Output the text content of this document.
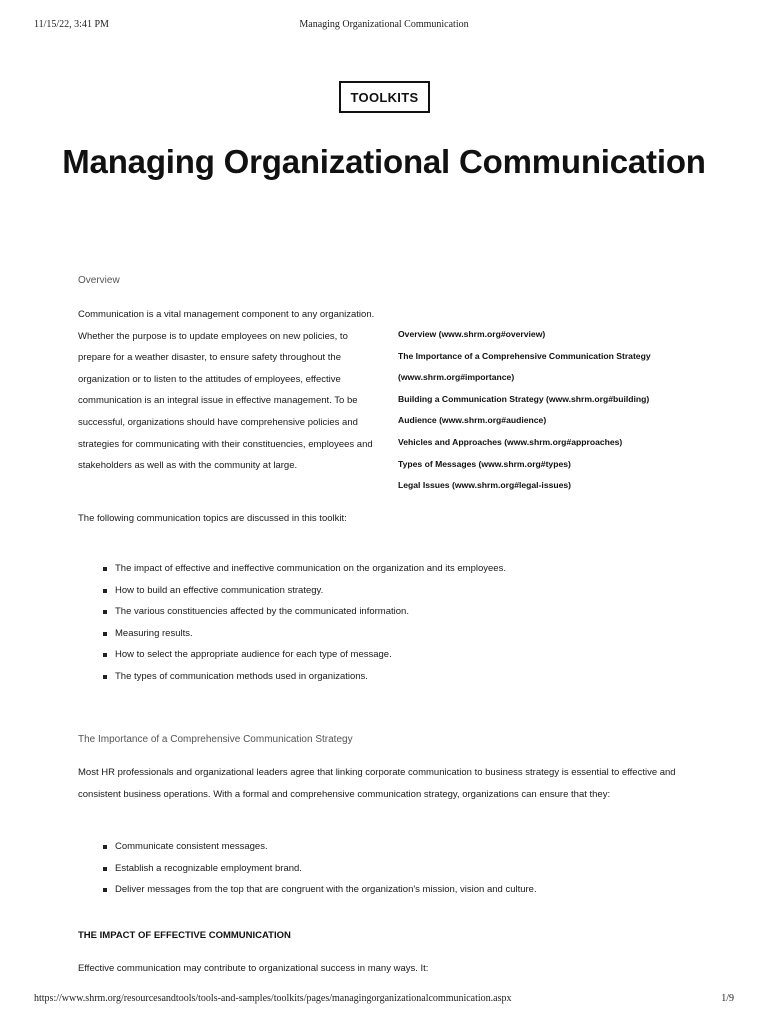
11/15/22, 3:41 PM	Managing Organizational Communication
TOOLKITS
Managing Organizational Communication

Overview

Communication is a vital management component to any organization. Whether the purpose is to update employees on new policies, to prepare for a weather disaster, to ensure safety throughout the organization or to listen to the attitudes of employees, effective communication is an integral issue in effective management. To be successful, organizations should have comprehensive policies and strategies for communicating with their constituencies, employees and stakeholders as well as with the community at large.

Overview (www.shrm.org#overview)
The Importance of a Comprehensive Communication Strategy
(www.shrm.org#importance)
Building a Communication Strategy (www.shrm.org#building)
Audience (www.shrm.org#audience)
Vehicles and Approaches (www.shrm.org#approaches)
Types of Messages (www.shrm.org#types)
Legal Issues (www.shrm.org#legal-issues)

The following communication topics are discussed in this toolkit:

The impact of effective and ineffective communication on the organization and its employees.
How to build an effective communication strategy.
The various constituencies affected by the communicated information.
Measuring results.
How to select the appropriate audience for each type of message.
The types of communication methods used in organizations.

The Importance of a Comprehensive Communication Strategy

Most HR professionals and organizational leaders agree that linking corporate communication to business strategy is essential to effective and consistent business operations. With a formal and comprehensive communication strategy, organizations can ensure that they:

Communicate consistent messages.
Establish a recognizable employment brand.
Deliver messages from the top that are congruent with the organization's mission, vision and culture.
THE IMPACT OF EFFECTIVE COMMUNICATION

Effective communication may contribute to organizational success in many ways. It:

https://www.shrm.org/resourcesandtools/tools-and-samples/toolkits/pages/managingorganizationalcommunication.aspx	1/9
